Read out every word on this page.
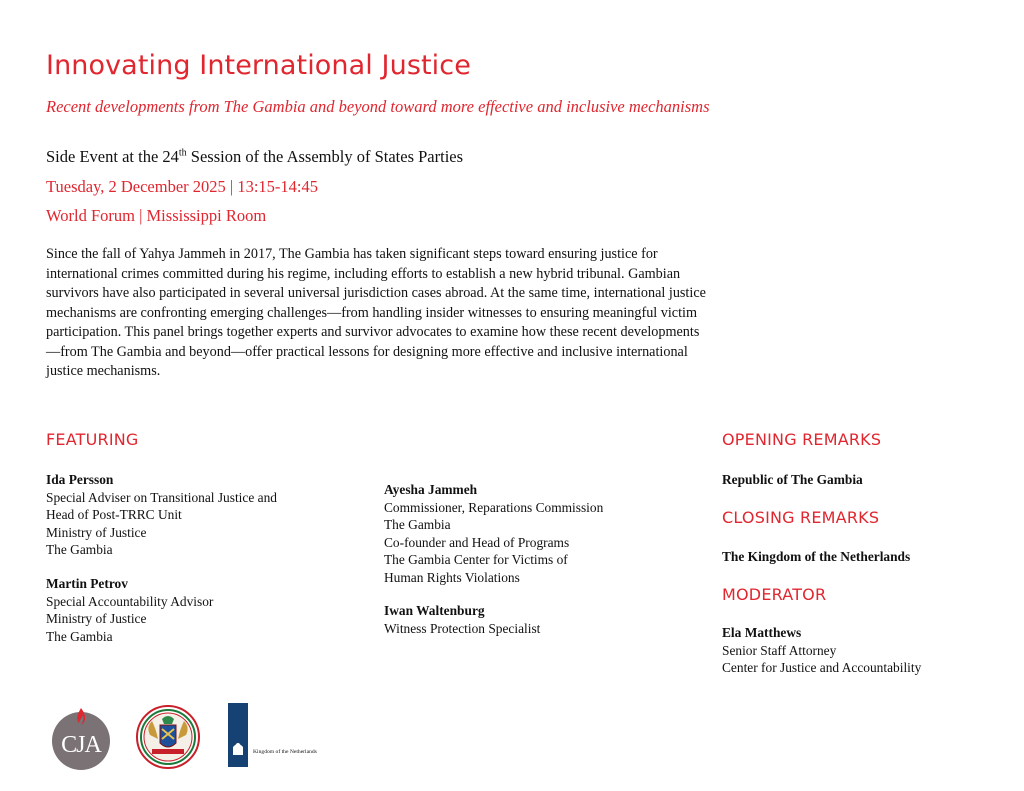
Innovating International Justice
Recent developments from The Gambia and beyond toward more effective and inclusive mechanisms
Side Event at the 24th Session of the Assembly of States Parties
Tuesday, 2 December 2025 | 13:15-14:45
World Forum | Mississippi Room
Since the fall of Yahya Jammeh in 2017, The Gambia has taken significant steps toward ensuring justice for international crimes committed during his regime, including efforts to establish a new hybrid tribunal. Gambian survivors have also participated in several universal jurisdiction cases abroad. At the same time, international justice mechanisms are confronting emerging challenges—from handling insider witnesses to ensuring meaningful victim participation. This panel brings together experts and survivor advocates to examine how these recent developments—from The Gambia and beyond—offer practical lessons for designing more effective and inclusive international justice mechanisms.
FEATURING
Ida Persson
Special Adviser on Transitional Justice and
Head of Post-TRRC Unit
Ministry of Justice
The Gambia
Martin Petrov
Special Accountability Advisor
Ministry of Justice
The Gambia
Ayesha Jammeh
Commissioner, Reparations Commission
The Gambia
Co-founder and Head of Programs
The Gambia Center for Victims of
Human Rights Violations
Iwan Waltenburg
Witness Protection Specialist
OPENING REMARKS
Republic of The Gambia
CLOSING REMARKS
The Kingdom of the Netherlands
MODERATOR
Ela Matthews
Senior Staff Attorney
Center for Justice and Accountability
CJA	Kingdom of the Netherlands
